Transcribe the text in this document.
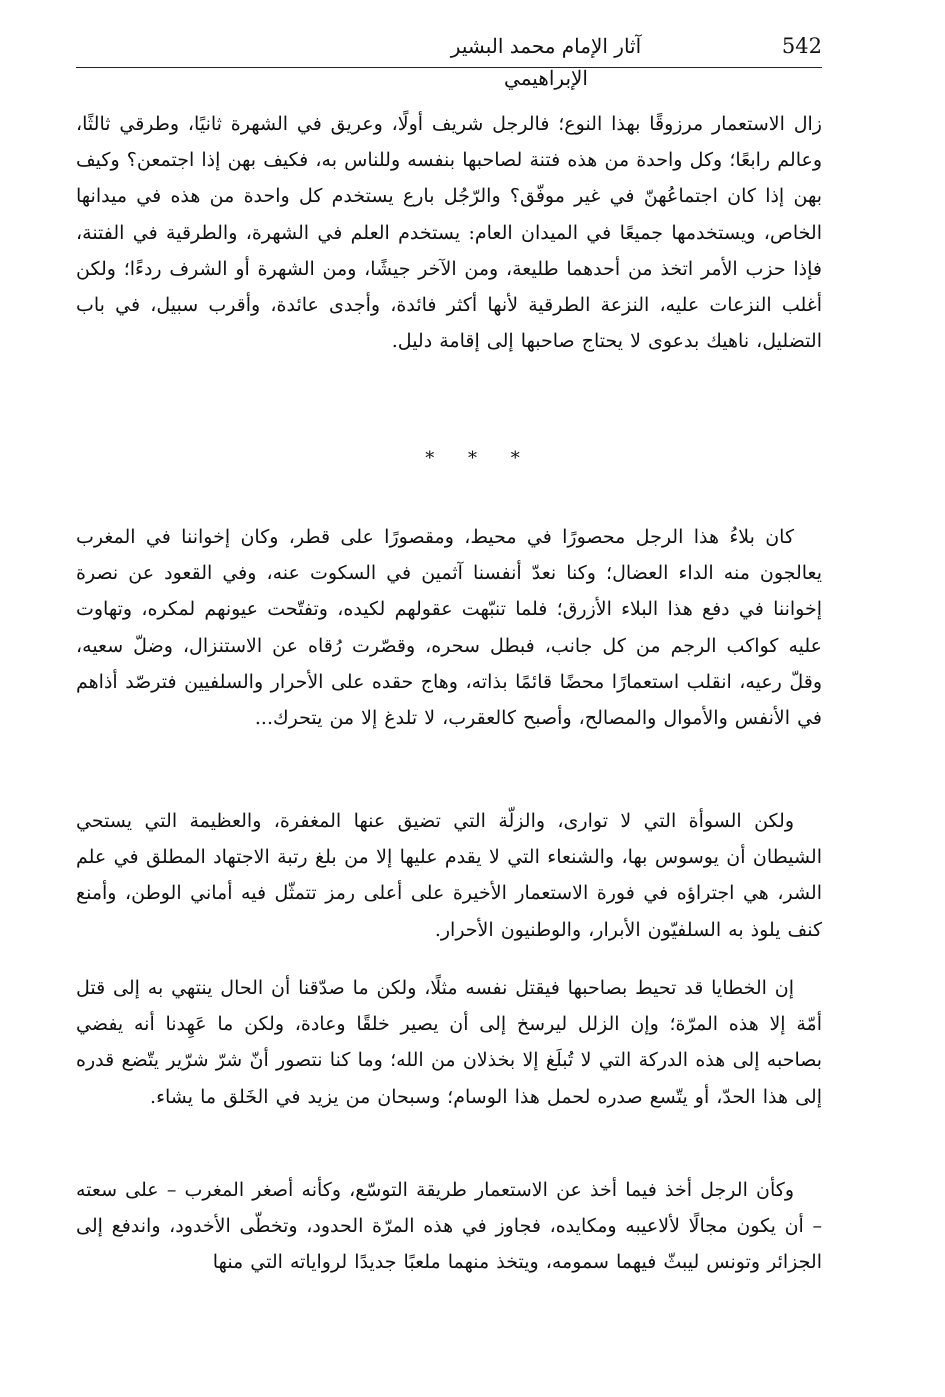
آثار الإمام محمد البشير الإبراهيمي
542

زال الاستعمار مرزوقًا بهذا النوع؛ فالرجل شريف أولًا، وعريق في الشهرة ثانيًا، وطرقي ثالثًا، وعالم رابعًا؛ وكل واحدة من هذه فتنة لصاحبها بنفسه وللناس به، فكيف بهن إذا اجتمعن؟ وكيف بهن إذا كان اجتماعُهنّ في غير موفّق؟ والرّجُل بارع يستخدم كل واحدة من هذه في ميدانها الخاص، ويستخدمها جميعًا في الميدان العام: يستخدم العلم في الشهرة، والطرقية في الفتنة، فإذا حزب الأمر اتخذ من أحدهما طليعة، ومن الآخر جيشًا، ومن الشهرة أو الشرف ردءًا؛ ولكن أغلب النزعات عليه، النزعة الطرقية لأنها أكثر فائدة، وأجدى عائدة، وأقرب سبيل، في باب التضليل، ناهيك بدعوى لا يحتاج صاحبها إلى إقامة دليل.

* * *

كان بلاءُ هذا الرجل محصورًا في محيط، ومقصورًا على قطر، وكان إخواننا في المغرب يعالجون منه الداء العضال؛ وكنا نعدّ أنفسنا آثمين في السكوت عنه، وفي القعود عن نصرة إخواننا في دفع هذا البلاء الأزرق؛ فلما تنبّهت عقولهم لكيده، وتفتّحت عيونهم لمكره، وتهاوت عليه كواكب الرجم من كل جانب، فبطل سحره، وقصّرت رُقاه عن الاستنزال، وضلّ سعيه، وقلّ رعيه، انقلب استعمارًا محضًا قائمًا بذاته، وهاج حقده على الأحرار والسلفيين فترصّد أذاهم في الأنفس والأموال والمصالح، وأصبح كالعقرب، لا تلدغ إلا من يتحرك...

ولكن السوأة التي لا توارى، والزلّة التي تضيق عنها المغفرة، والعظيمة التي يستحي الشيطان أن يوسوس بها، والشنعاء التي لا يقدم عليها إلا من بلغ رتبة الاجتهاد المطلق في علم الشر، هي اجتراؤه في فورة الاستعمار الأخيرة على أعلى رمز تتمثّل فيه أماني الوطن، وأمنع كنف يلوذ به السلفيّون الأبرار، والوطنيون الأحرار.

إن الخطايا قد تحيط بصاحبها فيقتل نفسه مثلًا، ولكن ما صدّقنا أن الحال ينتهي به إلى قتل أمّة إلا هذه المرّة؛ وإن الزلل ليرسخ إلى أن يصير خلقًا وعادة، ولكن ما عَهِدنا أنه يفضي بصاحبه إلى هذه الدركة التي لا تُبلَغ إلا بخذلان من الله؛ وما كنا نتصور أنّ شرّ شرّير يتّضع قدره إلى هذا الحدّ، أو يتّسع صدره لحمل هذا الوسام؛ وسبحان من يزيد في الخَلق ما يشاء.

وكأن الرجل أخذ فيما أخذ عن الاستعمار طريقة التوسّع، وكأنه أصغر المغرب – على سعته – أن يكون مجالًا لألاعيبه ومكايده، فجاوز في هذه المرّة الحدود، وتخطّى الأخدود، واندفع إلى الجزائر وتونس ليبثّ فيهما سمومه، ويتخذ منهما ملعبًا جديدًا لرواياته التي منها
